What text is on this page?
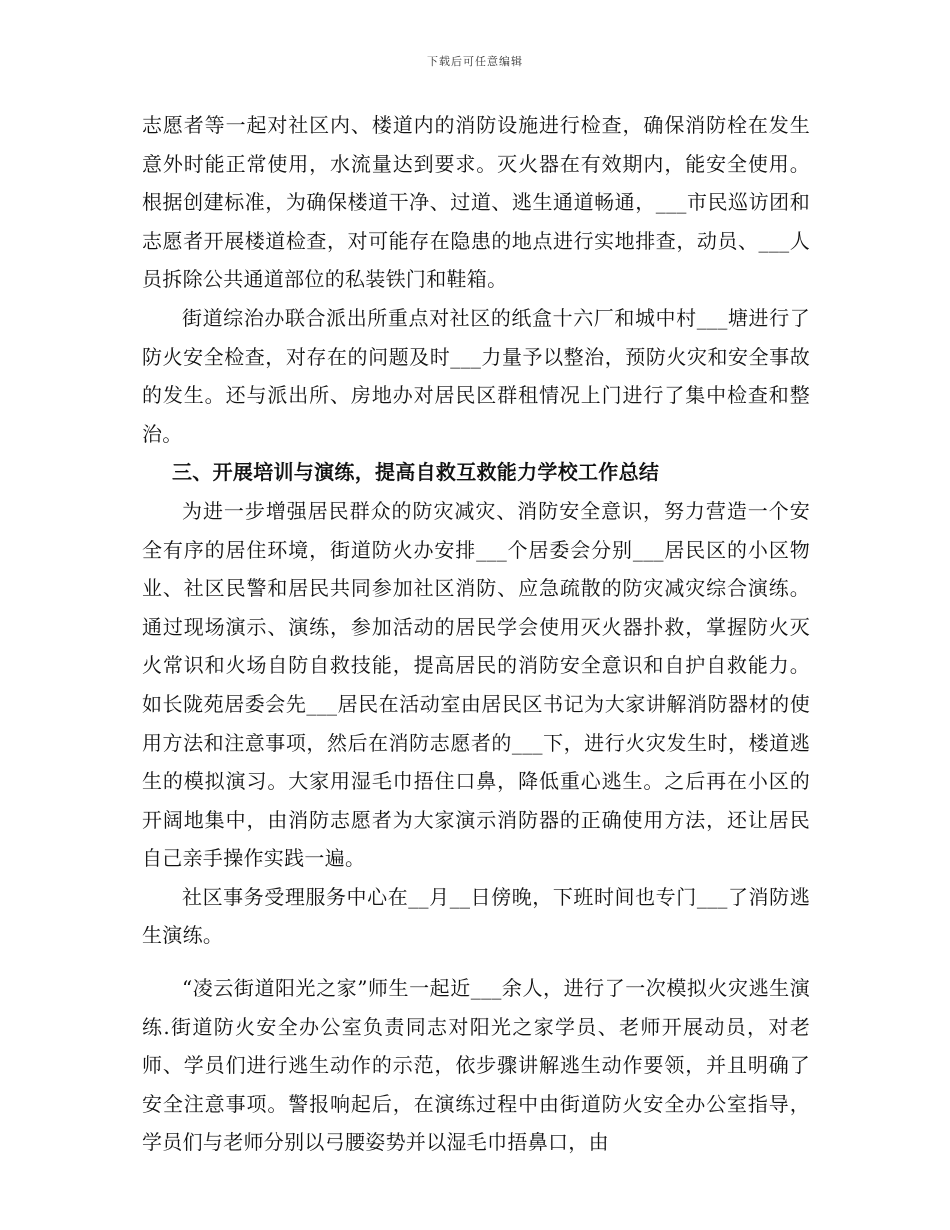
下载后可任意编辑

志愿者等一起对社区内、楼道内的消防设施进行检查，确保消防栓在发生意外时能正常使用，水流量达到要求。灭火器在有效期内，能安全使用。根据创建标准，为确保楼道干净、过道、逃生通道畅通，___市民巡访团和志愿者开展楼道检查，对可能存在隐患的地点进行实地排查，动员、___人员拆除公共通道部位的私装铁门和鞋箱。

街道综治办联合派出所重点对社区的纸盒十六厂和城中村___塘进行了防火安全检查，对存在的问题及时___力量予以整治，预防火灾和安全事故的发生。还与派出所、房地办对居民区群租情况上门进行了集中检查和整治。

三、开展培训与演练，提高自救互救能力学校工作总结

为进一步增强居民群众的防灾减灾、消防安全意识，努力营造一个安全有序的居住环境，街道防火办安排___个居委会分别___居民区的小区物业、社区民警和居民共同参加社区消防、应急疏散的防灾减灾综合演练。通过现场演示、演练，参加活动的居民学会使用灭火器扑救，掌握防火灭火常识和火场自防自救技能，提高居民的消防安全意识和自护自救能力。如长陇苑居委会先___居民在活动室由居民区书记为大家讲解消防器材的使用方法和注意事项，然后在消防志愿者的___下，进行火灾发生时，楼道逃生的模拟演习。大家用湿毛巾捂住口鼻，降低重心逃生。之后再在小区的开阔地集中，由消防志愿者为大家演示消防器的正确使用方法，还让居民自己亲手操作实践一遍。

社区事务受理服务中心在__月__日傍晚，下班时间也专门___了消防逃生演练。

“凌云街道阳光之家”师生一起近___余人，进行了一次模拟火灾逃生演练.街道防火安全办公室负责同志对阳光之家学员、老师开展动员，对老师、学员们进行逃生动作的示范，依步骤讲解逃生动作要领，并且明确了安全注意事项。警报响起后，在演练过程中由街道防火安全办公室指导，学员们与老师分别以弓腰姿势并以湿毛巾捂鼻口，由
